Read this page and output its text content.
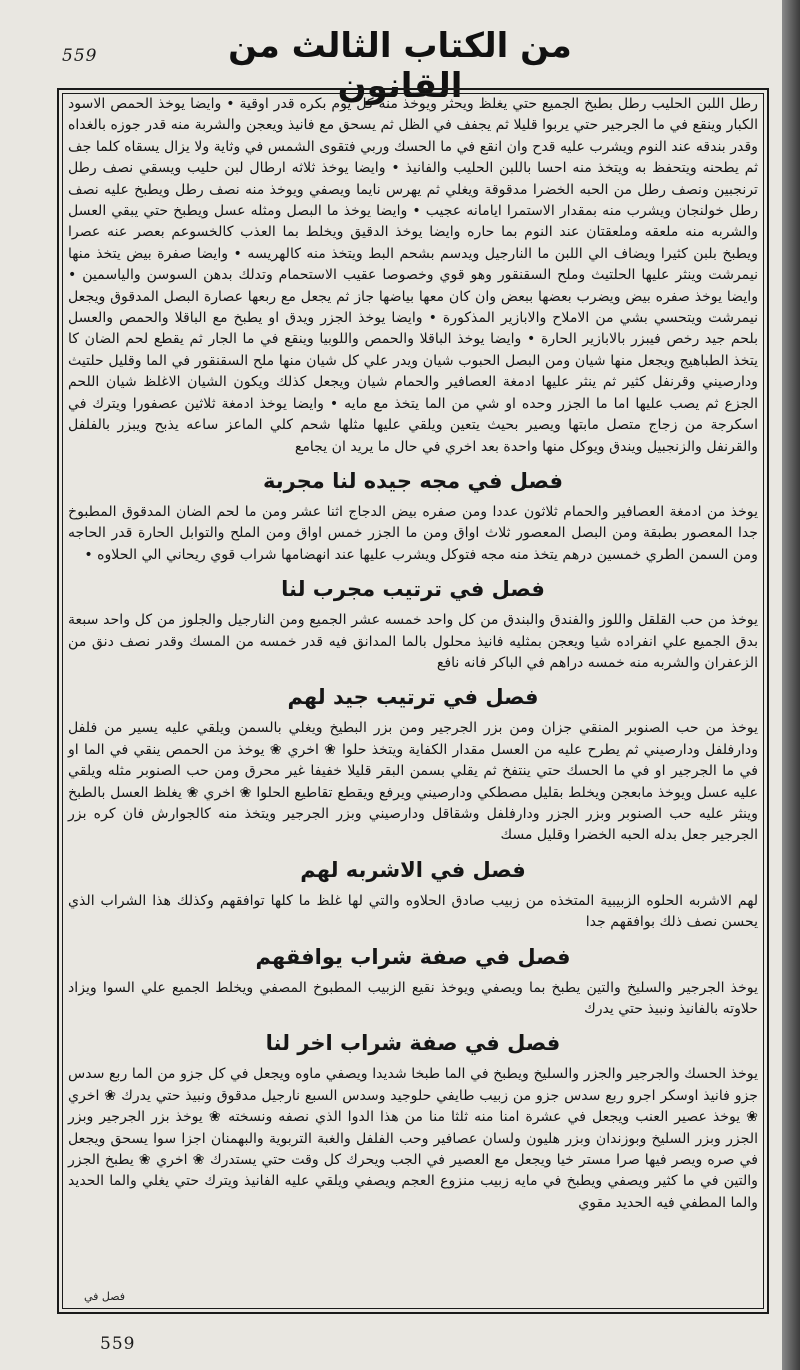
559	من الكتاب الثالث من القانون

رطل اللبن الحليب رطل بطبخ الجميع حتي يغلظ ويحثر ويوخذ منه كل يوم بكره قدر اوقية • وايضا يوخذ الحمص الاسود الكبار وينقع في ما الجرجير حتي يربوا قليلا ثم يجفف في الظل ثم يسحق مع فانيذ ويعجن والشربة منه قدر جوزه بالغداه وقدر بندقه عند النوم ويشرب عليه قدح وان انقع في ما الحسك وربي فتقوى الشمس في وثاية ولا يزال يسقاه كلما جف ثم يطحنه ويتحفظ به ويتخذ منه احسا باللبن الحليب والفانيذ • وايضا يوخذ ثلاثه ارطال لبن حليب ويسقي نصف رطل ترنجبين ونصف رطل من الحبه الخضرا مدقوقة ويغلي ثم يهرس نايما ويصفي ويوخذ منه نصف رطل ويطبخ عليه نصف رطل خولنجان ويشرب منه بمقدار الاستمرا ايامانه عجيب • وايضا يوخذ ما البصل ومثله عسل ويطبخ حتي يبقي العسل والشربه منه ملعقه وملعقتان عند النوم بما حاره وايضا يوخذ الدقيق ويخلط بما العذب كالخسوعم بعصر عنه عصرا ويطبخ بلبن كثيرا ويضاف الي اللبن ما النارجيل ويدسم بشحم البط ويتخذ منه كالهريسه • وايضا صفرة بيض يتخذ منها نيمرشت وينثر عليها الحلتيث وملح السقنقور وهو قوي وخصوصا عقيب الاستحمام وتدلك بدهن السوسن والياسمين • وايضا يوخذ صفره بيض ويضرب بعضها ببعض وان كان معها بياضها جاز ثم يجعل مع ربعها عصارة البصل المدقوق ويجعل نيمرشت ويتحسي بشي من الاملاح والابازير المذكورة • وايضا يوخذ الجزر ويدق او يطبخ مع الباقلا والحمص والعسل بلحم جيد رخص فيبزر بالابازير الحارة • وايضا يوخذ الباقلا والحمص واللوبيا وينقع في ما الجار ثم يقطع لحم الضان كا يتخذ الطباهيج ويجعل منها شيان ومن البصل الحبوب شيان ويدر علي كل شيان منها ملح السقنقور في الما وقليل حلتيث ودارصيني وقرنفل كثير ثم ينثر عليها ادمغة العصافير والحمام شيان ويجعل كذلك ويكون الشيان الاغلظ شيان اللحم الجزع ثم يصب عليها اما ما الجزر وحده او شي من الما يتخذ مع مايه • وايضا يوخذ ادمغة ثلاثين عصفورا ويترك في اسكرجة من زجاج متصل مابتها ويصير بحيث يتعين ويلقي عليها مثلها شحم كلي الماعز ساعه يذبح ويبزر بالفلفل والقرنفل والزنجبيل ويندق ويوكل منها واحدة بعد اخري في حال ما يريد ان يجامع

فصل في مجه جيده لنا مجربة

يوخذ من ادمغة العصافير والحمام ثلاثون عددا ومن صفره بيض الدجاج اثنا عشر ومن ما لحم الضان المدقوق المطبوخ جدا المعصور بطبقة ومن البصل المعصور ثلاث اواق ومن ما الجزر خمس اواق ومن الملح والتوابل الحارة قدر الحاجه ومن السمن الطري خمسين درهم يتخذ منه مجه فتوكل ويشرب عليها عند انهضامها شراب قوي ريحاني الي الحلاوه •

فصل في ترتيب مجرب لنا

يوخذ من حب القلقل واللوز والفندق والبندق من كل واحد خمسه عشر الجميع ومن النارجيل والجلوز من كل واحد سبعة بدق الجميع علي انفراده شيا ويعجن بمثليه فانيذ محلول بالما المدانق فيه قدر خمسه من المسك وقدر نصف دنق من الزعفران والشربه منه خمسه دراهم في الباكر فانه نافع

فصل في ترتيب جيد لهم

يوخذ من حب الصنوبر المنقي جزان ومن بزر الجرجير ومن بزر البطيخ ويغلي بالسمن ويلقي عليه يسير من فلفل ودارفلفل ودارصيني ثم يطرح عليه من العسل مقدار الكفاية ويتخذ حلوا ❀ اخري ❀ يوخذ من الحمص ينقي في الما او في ما الجرجير او في ما الحسك حتي ينتفخ ثم يقلي بسمن البقر قليلا خفيفا غير محرق ومن حب الصنوبر مثله ويلقي عليه عسل ويوخذ مابعجن ويخلط بقليل مصطكي ودارصيني ويرفع ويقطع تقاطيع الحلوا ❀ اخري ❀ يغلظ العسل بالطبخ وينثر عليه حب الصنوبر وبزر الجزر ودارفلفل وشقاقل ودارصيني وبزر الجرجير ويتخذ منه كالجوارش فان كره بزر الجرجير جعل بدله الحبه الخضرا وقليل مسك

فصل في الاشربه لهم

لهم الاشربه الحلوه الزبيبية المتخذه من زبيب صادق الحلاوه والتي لها غلظ ما كلها توافقهم وكذلك هذا الشراب الذي يحسن نصف ذلك بوافقهم جدا

فصل في صفة شراب يوافقهم

يوخذ الجرجير والسليخ والتين يطبخ بما ويصفي ويوخذ نقيع الزبيب المطبوخ المصفي ويخلط الجميع علي السوا ويزاد حلاوته بالفانيذ ونبيذ حتي يدرك

فصل في صفة شراب اخر لنا

يوخذ الحسك والجرجير والجزر والسليخ ويطبخ في الما طبخا شديدا ويصفي ماوه ويجعل في كل جزو من الما ربع سدس جزو فانيذ اوسكر اجرو ربع سدس جزو من زبيب طايفي حلوجيد وسدس السبع نارجيل مدقوق ونبيذ حتي يدرك ❀ اخري ❀ يوخذ عصير العنب ويجعل في عشرة امنا منه ثلثا منا من هذا الدوا الذي نصفه ونسخته ❀ يوخذ بزر الجرجير وبزر الجزر وبزر السليخ وبوزندان وبزر هليون ولسان عصافير وحب الفلفل والغبة التربوية والبهمنان اجزا سوا يسحق ويجعل في صره ويصر فيها صرا مستر خيا ويجعل مع العصير في الجب ويحرك كل وقت حتي يستدرك ❀ اخري ❀ يطبخ الجزر والتين في ما كثير ويصفي ويطبخ في مايه زبيب منزوع العجم ويصفي ويلقي عليه الفانيذ ويترك حتي يغلي والما الحديد والما المطفي فيه الحديد مقوي

فصل في
559
